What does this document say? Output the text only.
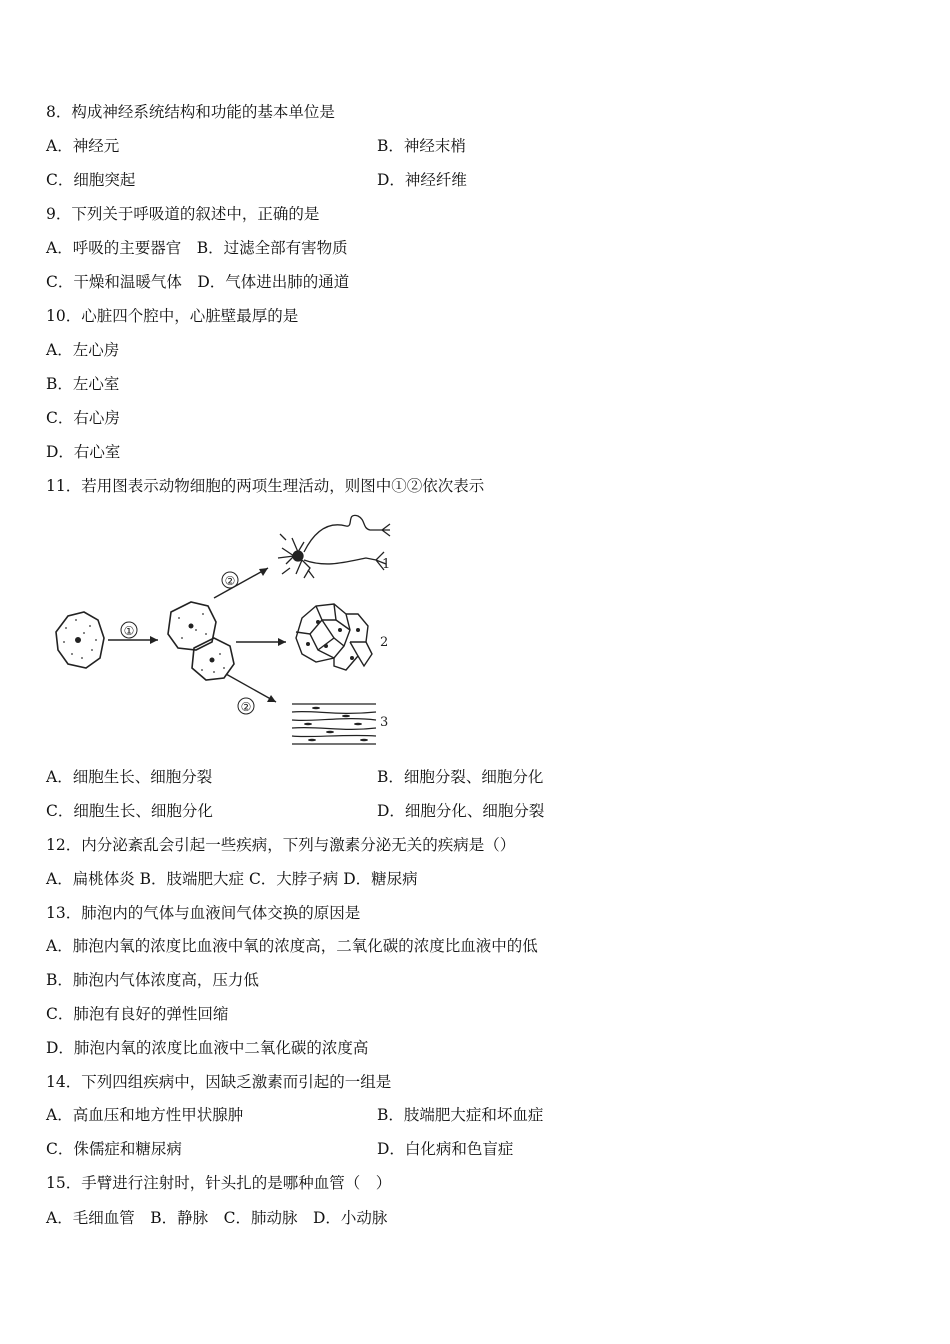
8．构成神经系统结构和功能的基本单位是
A．神经元	B．神经末梢
C．细胞突起	D．神经纤维
9．下列关于呼吸道的叙述中，正确的是
A．呼吸的主要器官　B．过滤全部有害物质
C．干燥和温暖气体　D．气体进出肺的通道
10．心脏四个腔中，心脏壁最厚的是
A．左心房
B．左心室
C．右心房
D．右心室
11．若用图表示动物细胞的两项生理活动，则图中①②依次表示
①
②
②
1
2
3
A．细胞生长、细胞分裂	B．细胞分裂、细胞分化
C．细胞生长、细胞分化	D．细胞分化、细胞分裂
12．内分泌紊乱会引起一些疾病，下列与激素分泌无关的疾病是（）
A．扁桃体炎 B．肢端肥大症 C．大脖子病 D．糖尿病
13．肺泡内的气体与血液间气体交换的原因是
A．肺泡内氧的浓度比血液中氧的浓度高，二氧化碳的浓度比血液中的低
B．肺泡内气体浓度高，压力低
C．肺泡有良好的弹性回缩
D．肺泡内氧的浓度比血液中二氧化碳的浓度高
14．下列四组疾病中，因缺乏激素而引起的一组是
A．高血压和地方性甲状腺肿	B．肢端肥大症和坏血症
C．侏儒症和糖尿病	D．白化病和色盲症
15．手臂进行注射时，针头扎的是哪种血管（　）
A．毛细血管　B．静脉　C．肺动脉　D．小动脉
